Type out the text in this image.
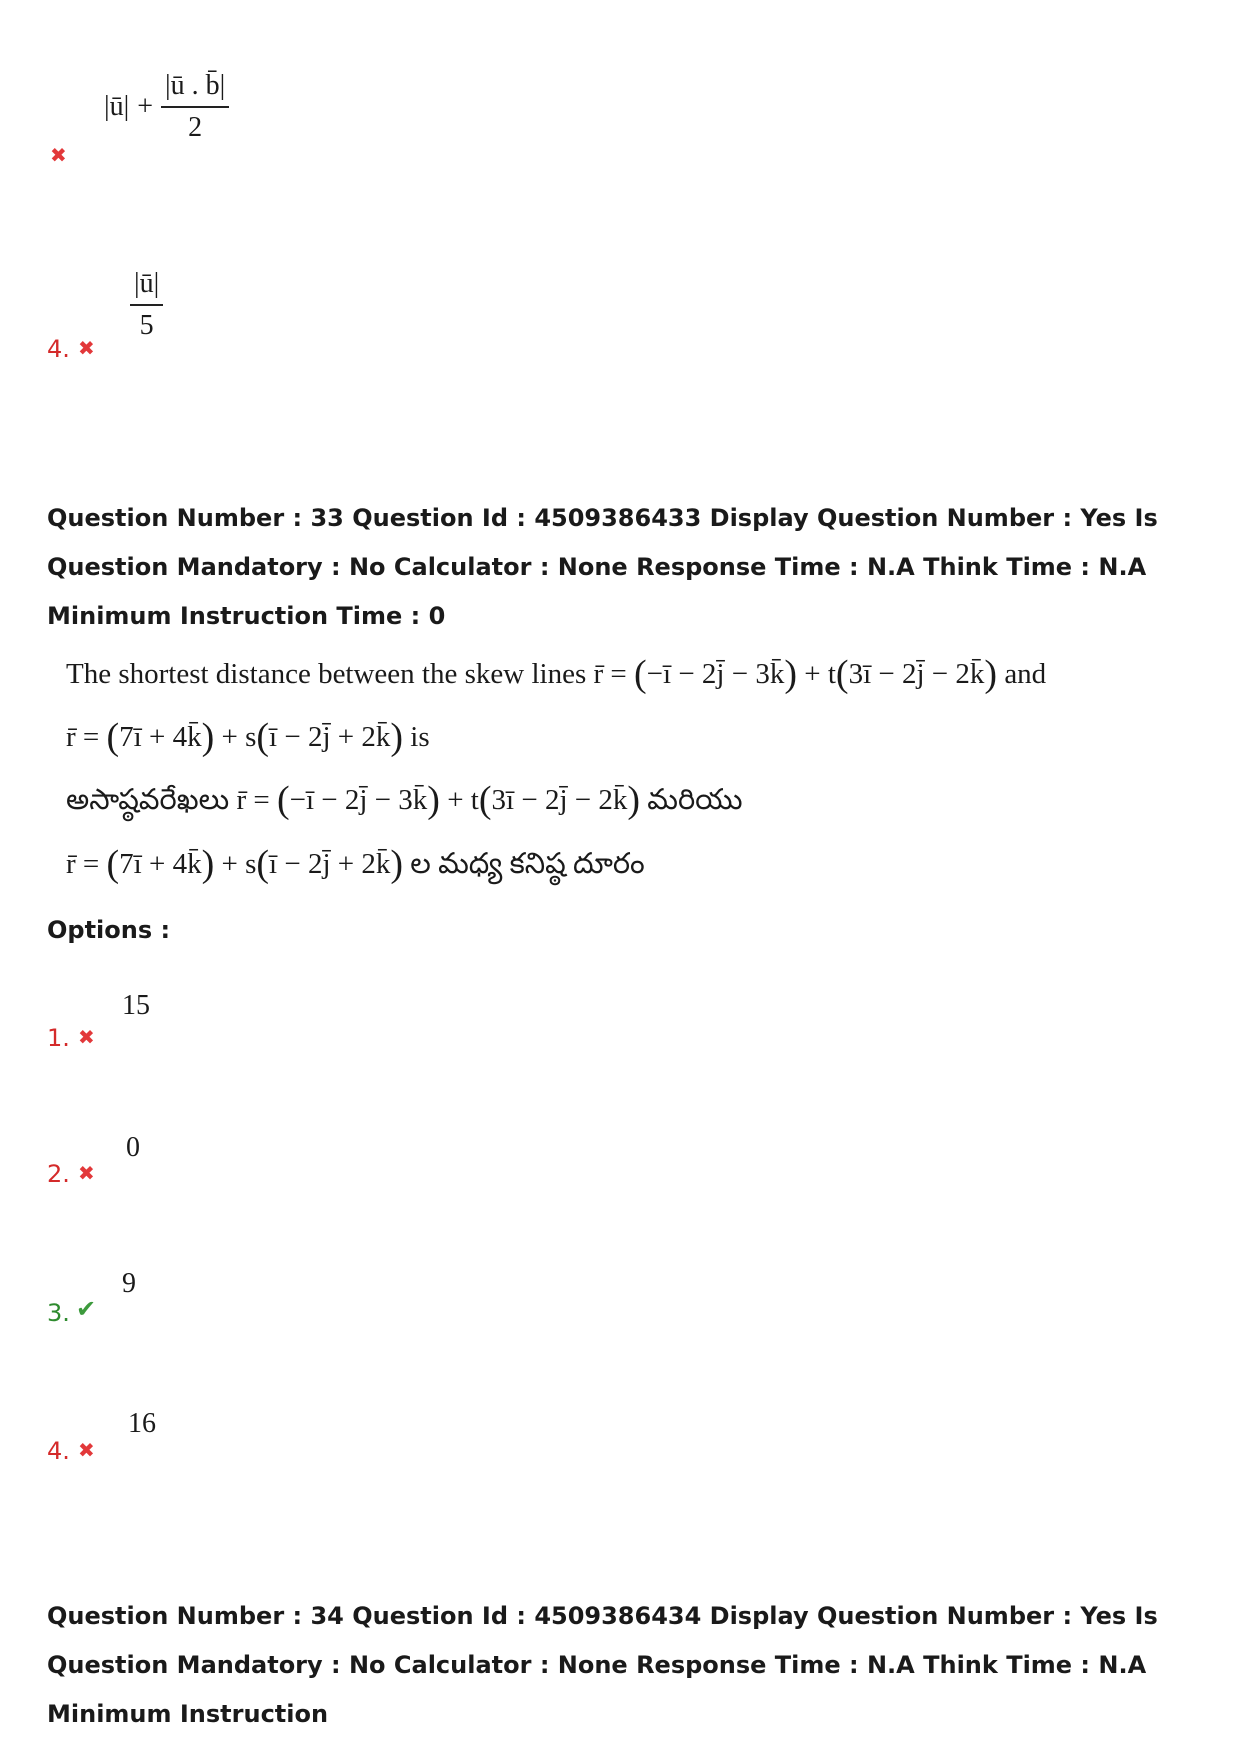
|ū| + $\frac{|ū . b̄|}{2}$
✖
$\frac{|ū|}{5}$
4. ✖
Question Number : 33 Question Id : 4509386433 Display Question Number : Yes Is Question Mandatory : No Calculator : None Response Time : N.A Think Time : N.A Minimum Instruction Time : 0
The shortest distance between the skew lines r̄ = (−ī − 2j̄ − 3k̄) + t(3ī − 2j̄ − 2k̄) and
r̄ = (7ī + 4k̄) + s(ī − 2j̄ + 2k̄) is
అసాష్ఠవరేఖలు r̄ = (−ī − 2j̄ − 3k̄) + t(3ī − 2j̄ − 2k̄) మరియు
r̄ = (7ī + 4k̄) + s(ī − 2j̄ + 2k̄) ల మధ్య కనిష్ఠ దూరం
Options :
15
1. ✖
0
2. ✖
9
3. ✔
16
4. ✖
Question Number : 34 Question Id : 4509386434 Display Question Number : Yes Is Question Mandatory : No Calculator : None Response Time : N.A Think Time : N.A Minimum Instruction
